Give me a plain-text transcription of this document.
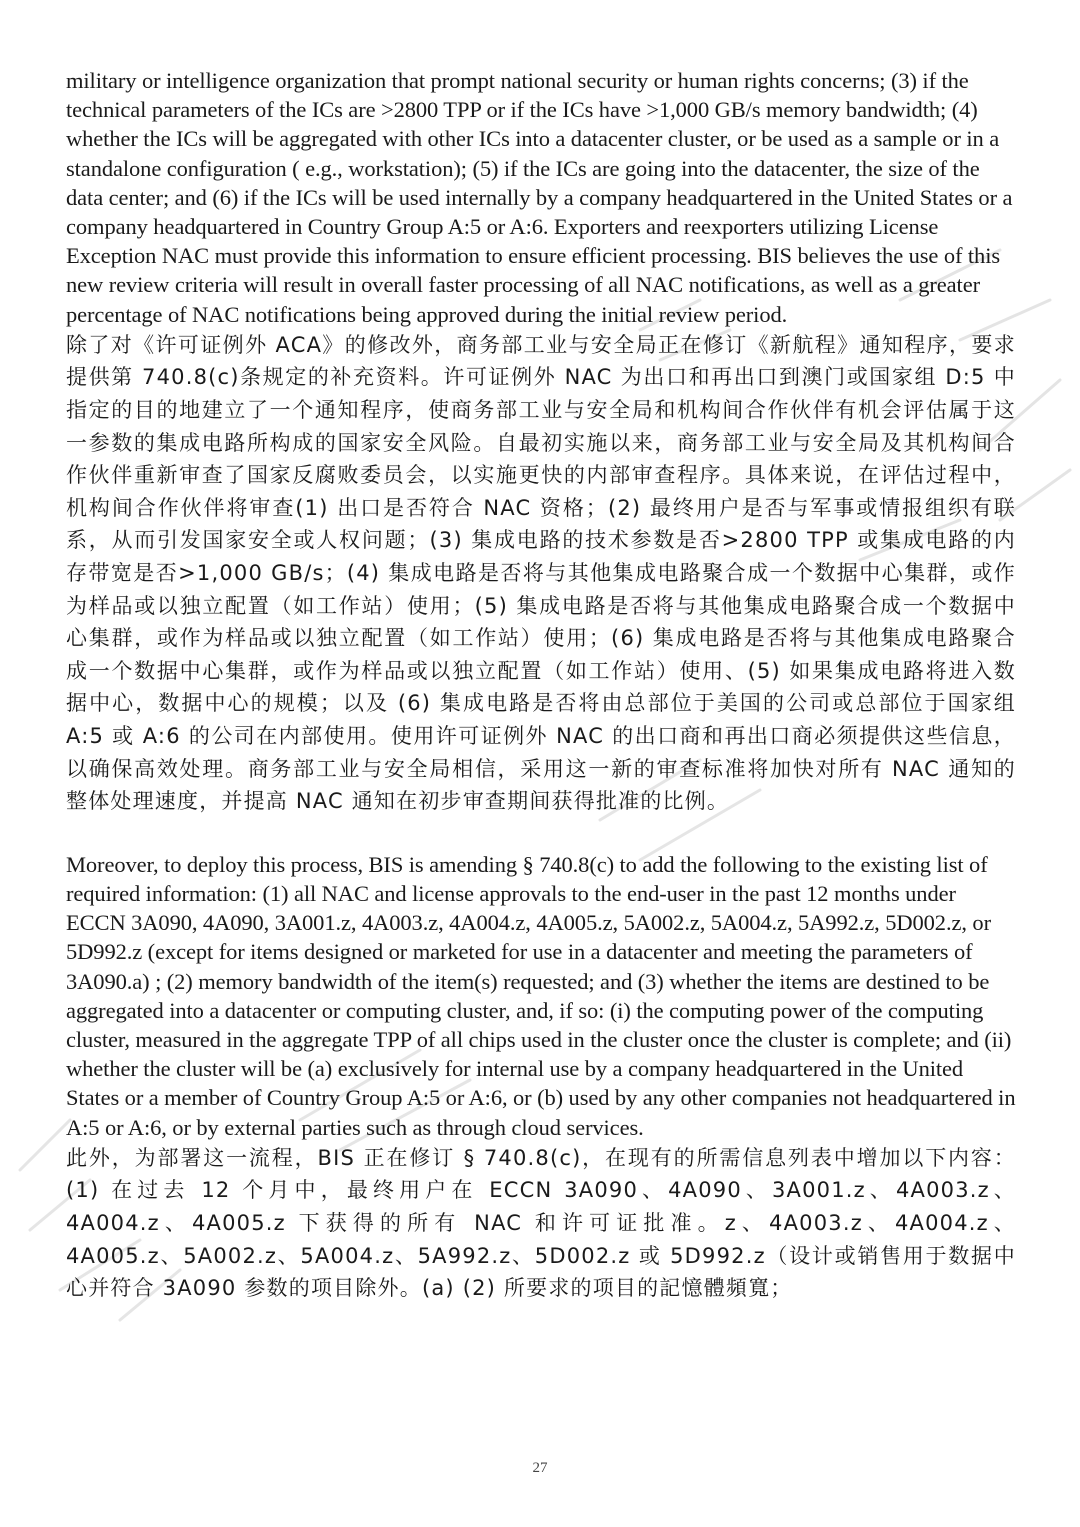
military or intelligence organization that prompt national security or human rights concerns; (3) if the technical parameters of the ICs are >2800 TPP or if the ICs have >1,000 GB/s memory bandwidth; (4) whether the ICs will be aggregated with other ICs into a datacenter cluster, or be used as a sample or in a standalone configuration ( e.g., workstation); (5) if the ICs are going into the datacenter, the size of the data center; and (6) if the ICs will be used internally by a company headquartered in the United States or a company headquartered in Country Group A:5 or A:6. Exporters and reexporters utilizing License Exception NAC must provide this information to ensure efficient processing. BIS believes the use of this new review criteria will result in overall faster processing of all NAC notifications, as well as a greater percentage of NAC notifications being approved during the initial review period.

除了对《许可证例外 ACA》的修改外，商务部工业与安全局正在修订《新航程》通知程序，要求提供第 740.8(c)条规定的补充资料。许可证例外 NAC 为出口和再出口到澳门或国家组 D:5 中指定的目的地建立了一个通知程序，使商务部工业与安全局和机构间合作伙伴有机会评估属于这一参数的集成电路所构成的国家安全风险。自最初实施以来，商务部工业与安全局及其机构间合作伙伴重新审查了国家反腐败委员会，以实施更快的内部审查程序。具体来说，在评估过程中，机构间合作伙伴将审查(1) 出口是否符合 NAC 资格；(2) 最终用户是否与军事或情报组织有联系，从而引发国家安全或人权问题；(3) 集成电路的技术参数是否>2800 TPP 或集成电路的内存带宽是否>1,000 GB/s；(4) 集成电路是否将与其他集成电路聚合成一个数据中心集群，或作为样品或以独立配置（如工作站）使用；(5) 集成电路是否将与其他集成电路聚合成一个数据中心集群，或作为样品或以独立配置（如工作站）使用；(6) 集成电路是否将与其他集成电路聚合成一个数据中心集群，或作为样品或以独立配置（如工作站）使用、(5) 如果集成电路将进入数据中心，数据中心的规模；以及 (6) 集成电路是否将由总部位于美国的公司或总部位于国家组 A:5 或 A:6 的公司在内部使用。使用许可证例外 NAC 的出口商和再出口商必须提供这些信息，以确保高效处理。商务部工业与安全局相信，采用这一新的审查标准将加快对所有 NAC 通知的整体处理速度，并提高 NAC 通知在初步审查期间获得批准的比例。

Moreover, to deploy this process, BIS is amending § 740.8(c) to add the following to the existing list of required information: (1) all NAC and license approvals to the end-user in the past 12 months under ECCN 3A090, 4A090, 3A001.z, 4A003.z, 4A004.z, 4A005.z, 5A002.z, 5A004.z, 5A992.z, 5D002.z, or 5D992.z (except for items designed or marketed for use in a datacenter and meeting the parameters of 3A090.a) ; (2) memory bandwidth of the item(s) requested; and (3) whether the items are destined to be aggregated into a datacenter or computing cluster, and, if so: (i) the computing power of the computing cluster, measured in the aggregate TPP of all chips used in the cluster once the cluster is complete; and (ii) whether the cluster will be (a) exclusively for internal use by a company headquartered in the United States or a member of Country Group A:5 or A:6, or (b) used by any other companies not headquartered in A:5 or A:6, or by external parties such as through cloud services.

此外，为部署这一流程，BIS 正在修订 § 740.8(c)，在现有的所需信息列表中增加以下内容：(1) 在过去 12 个月中，最终用户在 ECCN 3A090、4A090、3A001.z、4A003.z、4A004.z、4A005.z 下获得的所有 NAC 和许可证批准。z、4A003.z、4A004.z、4A005.z、5A002.z、5A004.z、5A992.z、5D002.z 或 5D992.z（设计或销售用于数据中心并符合 3A090 参数的项目除外。(a) (2) 所要求的项目的記憶體頻寬；

27
